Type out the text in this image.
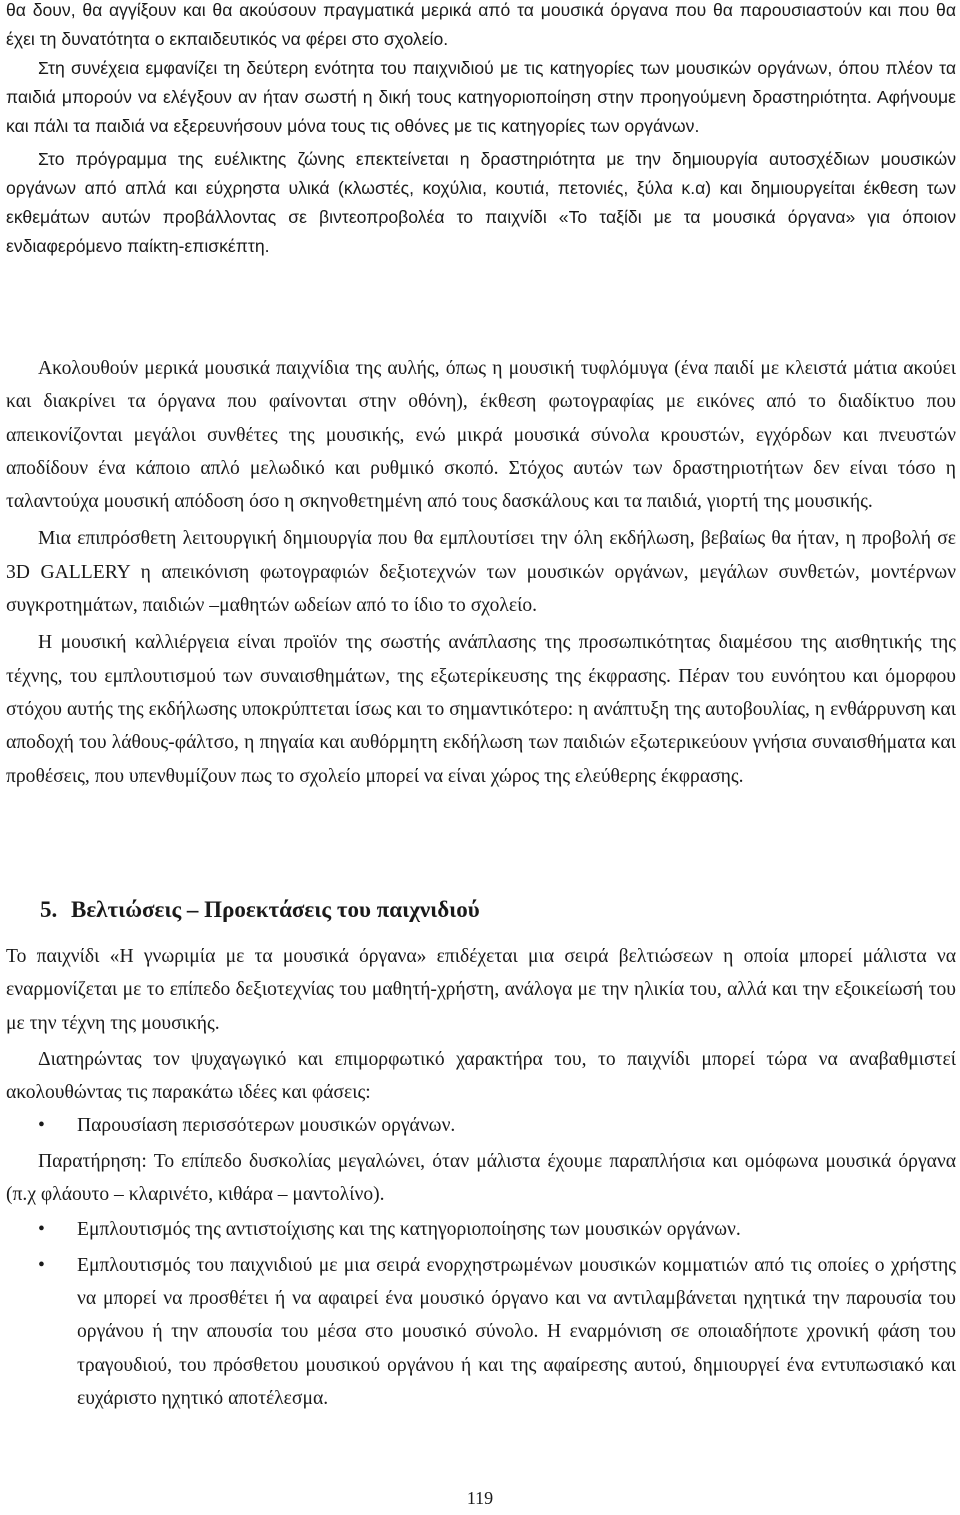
θα δουν, θα αγγίξουν και θα ακούσουν πραγματικά μερικά από τα μουσικά όργανα που θα παρουσιαστούν και που θα έχει τη δυνατότητα ο εκπαιδευτικός να φέρει στο σχολείο.

Στη συνέχεια εμφανίζει τη δεύτερη ενότητα του παιχνιδιού με τις κατηγορίες των μουσικών οργάνων, όπου πλέον τα παιδιά μπορούν να ελέγξουν αν ήταν σωστή η δική τους κατηγοριοποίηση στην προηγούμενη δραστηριότητα. Αφήνουμε και πάλι τα παιδιά να εξερευνήσουν μόνα τους τις οθόνες με τις κατηγορίες των οργάνων.

Στο πρόγραμμα της ευέλικτης ζώνης επεκτείνεται η δραστηριότητα με την δημιουργία αυτοσχέδιων μουσικών οργάνων από απλά και εύχρηστα υλικά (κλωστές, κοχύλια, κουτιά, πετονιές, ξύλα κ.α) και δημιουργείται έκθεση των εκθεμάτων αυτών προβάλλοντας σε βιντεοπροβολέα το παιχνίδι «Το ταξίδι με τα μουσικά όργανα» για όποιον ενδιαφερόμενο παίκτη-επισκέπτη.

Ακολουθούν μερικά μουσικά παιχνίδια της αυλής, όπως η μουσική τυφλόμυγα (ένα παιδί με κλειστά μάτια ακούει και διακρίνει τα όργανα που φαίνονται στην οθόνη), έκθεση φωτογραφίας με εικόνες από το διαδίκτυο που απεικονίζονται μεγάλοι συνθέτες της μουσικής, ενώ μικρά μουσικά σύνολα κρουστών, εγχόρδων και πνευστών αποδίδουν ένα κάποιο απλό μελωδικό και ρυθμικό σκοπό. Στόχος αυτών των δραστηριοτήτων δεν είναι τόσο η ταλαντούχα μουσική απόδοση όσο η σκηνοθετημένη από τους δασκάλους και τα παιδιά, γιορτή της μουσικής.

Μια επιπρόσθετη λειτουργική δημιουργία που θα εμπλουτίσει την όλη εκδήλωση, βεβαίως θα ήταν, η προβολή σε 3D GALLERY η απεικόνιση φωτογραφιών δεξιοτεχνών των μουσικών οργάνων, μεγάλων συνθετών, μοντέρνων συγκροτημάτων, παιδιών –μαθητών ωδείων από το ίδιο το σχολείο.

Η μουσική καλλιέργεια είναι προϊόν της σωστής ανάπλασης της προσωπικότητας διαμέσου της αισθητικής της τέχνης, του εμπλουτισμού των συναισθημάτων, της εξωτερίκευσης της έκφρασης. Πέραν του ευνόητου και όμορφου στόχου αυτής της εκδήλωσης υποκρύπτεται ίσως και το σημαντικότερο: η ανάπτυξη της αυτοβουλίας, η ενθάρρυνση και αποδοχή του λάθους-φάλτσο, η πηγαία και αυθόρμητη εκδήλωση των παιδιών εξωτερικεύουν γνήσια συναισθήματα και προθέσεις, που υπενθυμίζουν πως το σχολείο μπορεί να είναι χώρος της ελεύθερης έκφρασης.

5. Βελτιώσεις – Προεκτάσεις του παιχνιδιού

Το παιχνίδι «Η γνωριμία με τα μουσικά όργανα» επιδέχεται μια σειρά βελτιώσεων η οποία μπορεί μάλιστα να εναρμονίζεται με το επίπεδο δεξιοτεχνίας του μαθητή-χρήστη, ανάλογα με την ηλικία του, αλλά και την εξοικείωσή του με την τέχνη της μουσικής.

Διατηρώντας τον ψυχαγωγικό και επιμορφωτικό χαρακτήρα του, το παιχνίδι μπορεί τώρα να αναβαθμιστεί ακολουθώντας τις παρακάτω ιδέες και φάσεις:

• Παρουσίαση περισσότερων μουσικών οργάνων.

Παρατήρηση: Το επίπεδο δυσκολίας μεγαλώνει, όταν μάλιστα έχουμε παραπλήσια και ομόφωνα μουσικά όργανα (π.χ φλάουτο – κλαρινέτο, κιθάρα – μαντολίνο).

• Εμπλουτισμός της αντιστοίχισης και της κατηγοριοποίησης των μουσικών οργάνων.
• Εμπλουτισμός του παιχνιδιού με μια σειρά ενορχηστρωμένων μουσικών κομματιών από τις οποίες ο χρήστης να μπορεί να προσθέτει ή να αφαιρεί ένα μουσικό όργανο και να αντιλαμβάνεται ηχητικά την παρουσία του οργάνου ή την απουσία του μέσα στο μουσικό σύνολο. Η εναρμόνιση σε οποιαδήποτε χρονική φάση του τραγουδιού, του πρόσθετου μουσικού οργάνου ή και της αφαίρεσης αυτού, δημιουργεί ένα εντυπωσιακό και ευχάριστο ηχητικό αποτέλεσμα.
119
